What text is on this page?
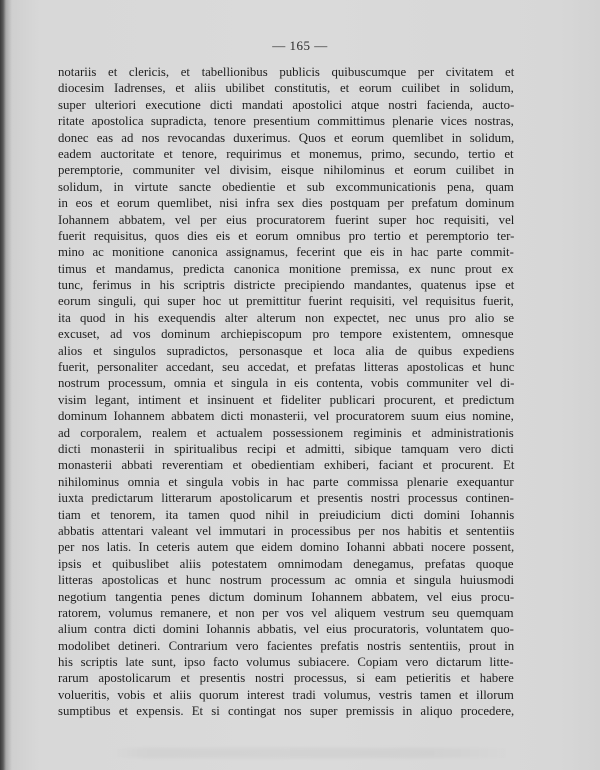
— 165 —
notariis et clericis, et tabellionibus publicis quibuscumque per civitatem et
diocesim Iadrenses, et aliis ubilibet constitutis, et eorum cuilibet in solidum,
super ulteriori executione dicti mandati apostolici atque nostri facienda, aucto-
ritate apostolica supradicta, tenore presentium committimus plenarie vices nostras,
donec eas ad nos revocandas duxerimus. Quos et eorum quemlibet in solidum,
eadem auctoritate et tenore, requirimus et monemus, primo, secundo, tertio et
peremptorie, communiter vel divisim, eisque nihilominus et eorum cuilibet in
solidum, in virtute sancte obedientie et sub excommunicationis pena, quam
in eos et eorum quemlibet, nisi infra sex dies postquam per prefatum dominum
Iohannem abbatem, vel per eius procuratorem fuerint super hoc requisiti, vel
fuerit requisitus, quos dies eis et eorum omnibus pro tertio et peremptorio ter-
mino ac monitione canonica assignamus, fecerint que eis in hac parte commit-
timus et mandamus, predicta canonica monitione premissa, ex nunc prout ex
tunc, ferimus in his scriptris districte precipiendo mandantes, quatenus ipse et
eorum singuli, qui super hoc ut premittitur fuerint requisiti, vel requisitus fuerit,
ita quod in his exequendis alter alterum non expectet, nec unus pro alio se
excuset, ad vos dominum archiepiscopum pro tempore existentem, omnesque
alios et singulos supradictos, personasque et loca alia de quibus expediens
fuerit, personaliter accedant, seu accedat, et prefatas litteras apostolicas et hunc
nostrum processum, omnia et singula in eis contenta, vobis communiter vel di-
visim legant, intiment et insinuent et fideliter publicari procurent, et predictum
dominum Iohannem abbatem dicti monasterii, vel procuratorem suum eius nomine,
ad corporalem, realem et actualem possessionem regiminis et administrationis
dicti monasterii in spiritualibus recipi et admitti, sibique tamquam vero dicti
monasterii abbati reverentiam et obedientiam exhiberi, faciant et procurent. Et
nihilominus omnia et singula vobis in hac parte commissa plenarie exequantur
iuxta predictarum litterarum apostolicarum et presentis nostri processus continen-
tiam et tenorem, ita tamen quod nihil in preiudicium dicti domini Iohannis
abbatis attentari valeant vel immutari in processibus per nos habitis et sententiis
per nos latis. In ceteris autem que eidem domino Iohanni abbati nocere possent,
ipsis et quibuslibet aliis potestatem omnimodam denegamus, prefatas quoque
litteras apostolicas et hunc nostrum processum ac omnia et singula huiusmodi
negotium tangentia penes dictum dominum Iohannem abbatem, vel eius procu-
ratorem, volumus remanere, et non per vos vel aliquem vestrum seu quemquam
alium contra dicti domini Iohannis abbatis, vel eius procuratoris, voluntatem quo-
modolibet detineri. Contrarium vero facientes prefatis nostris sententiis, prout in
his scriptis late sunt, ipso facto volumus subiacere. Copiam vero dictarum litte-
rarum apostolicarum et presentis nostri processus, si eam petieritis et habere
volueritis, vobis et aliis quorum interest tradi volumus, vestris tamen et illorum
sumptibus et expensis. Et si contingat nos super premissis in aliquo procedere,
